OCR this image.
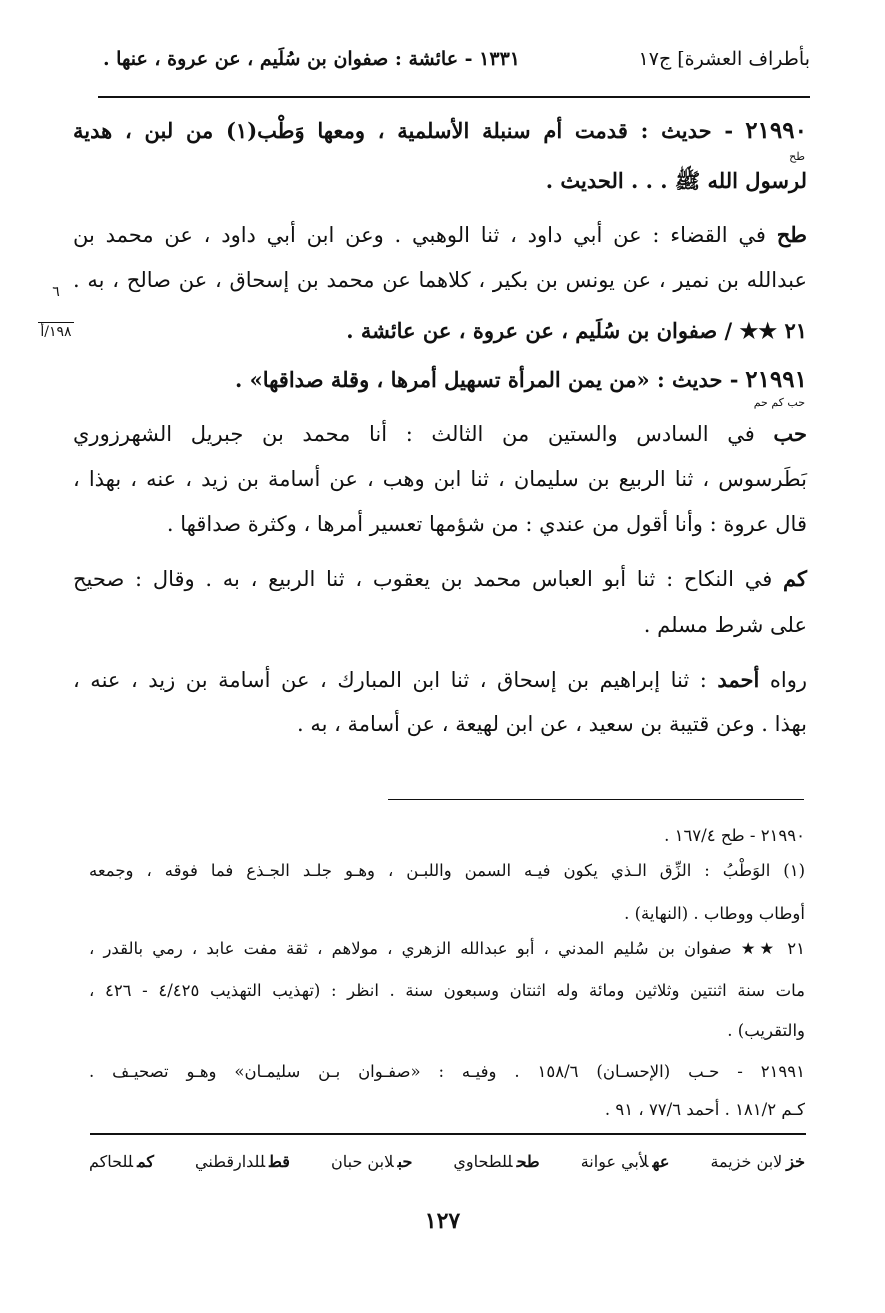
بأطراف العشرة] ج١٧
١٣٣١ - عائشة : صفوان بن سُلَيم ، عن عروة ، عنها .
٦
١٩٨/أ
٢١٩٩٠ - حديث : قدمت أم سنبلة الأسلمية ، ومعها وَطْب(١) من لبن ، هدية
طح
لرسول الله ﷺ . . . الحديث .
طح في القضاء : عن أبي داود ، ثنا الوهبي . وعن ابن أبي داود ، عن محمد بن
عبدالله بن نمير ، عن يونس بن بكير ، كلاهما عن محمد بن إسحاق ، عن صالح ، به .
٢١ ★★ / صفوان بن سُلَيم ، عن عروة ، عن عائشة .
٢١٩٩١ - حديث : «من يمن المرأة تسهيل أمرها ، وقلة صداقها» .
حب كم حم
حب في السادس والستين من الثالث : أنا محمد بن جبريل الشهرزوري
بَطَرسوس ، ثنا الربيع بن سليمان ، ثنا ابن وهب ، عن أسامة بن زيد ، عنه ، بهذا ،
قال عروة : وأنا أقول من عندي : من شؤمها تعسير أمرها ، وكثرة صداقها .
كم في النكاح : ثنا أبو العباس محمد بن يعقوب ، ثنا الربيع ، به . وقال : صحيح
على شرط مسلم .
رواه أحمد : ثنا إبراهيم بن إسحاق ، ثنا ابن المبارك ، عن أسامة بن زيد ، عنه ،
بهذا . وعن قتيبة بن سعيد ، عن ابن لهيعة ، عن أسامة ، به .
٢١٩٩٠ - طح ١٦٧/٤ .
(١) الوَطْبُ : الزِّق الـذي يكون فيـه السمن واللبـن ، وهـو جلـد الجـذع فما فوقه ، وجمعه
أوطاب ووطاب . (النهاية) .
٢١ ★★ صفوان بن سُليم المدني ، أبو عبدالله الزهري ، مولاهم ، ثقة مفت عابد ، رمي بالقدر ،
مات سنة اثنتين وثلاثين ومائة وله اثنتان وسبعون سنة . انظر : (تهذيب التهذيب ٤/٤٢٥ - ٤٢٦ ،
والتقريب) .
٢١٩٩١ - حـب (الإحسـان) ١٥٨/٦ . وفيـه : «صفـوان بـن سليمـان» وهـو تصحيـف .
كـم ١٨١/٢ . أحمد ٧٧/٦ ، ٩١ .
خزلابن خزيمة
عهلأبي عوانة
طحللطحاوي
حبلابن حبان
قطللدارقطني
كمللحاكم
١٢٧
